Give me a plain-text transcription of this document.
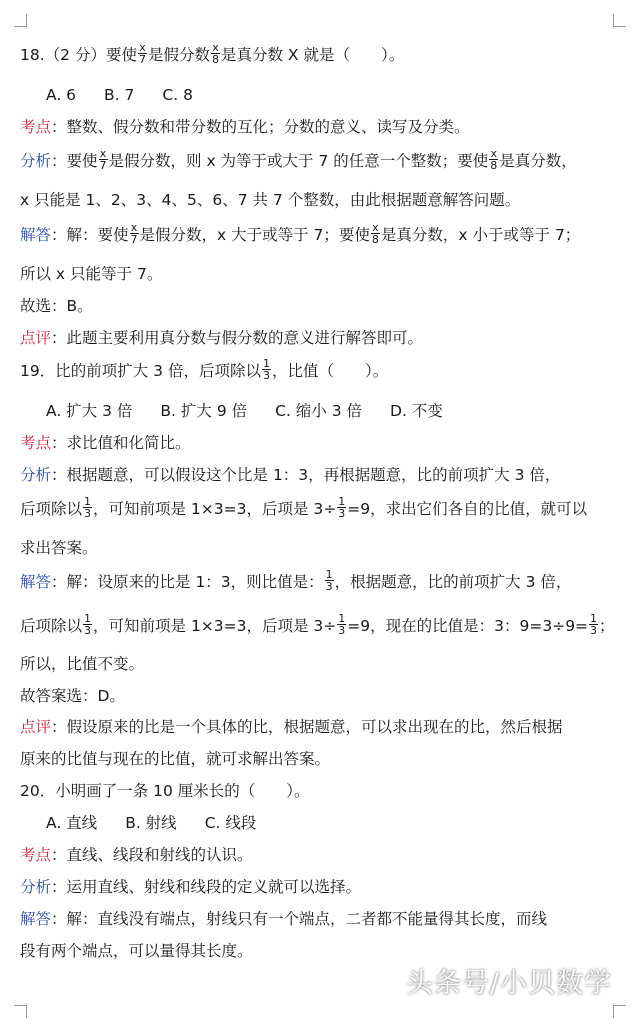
18.（2 分）要使 $\frac{x}{7}$ 是假分数 $\frac{x}{8}$ 是真分数 X 就是（　　）。
A. 6 B. 7 C. 8
考点：整数、假分数和带分数的互化；分数的意义、读写及分类。
分析：要使 $\frac{x}{7}$ 是假分数，则 x 为等于或大于 7 的任意一个整数；要使 $\frac{x}{8}$ 是真分数，
x 只能是 1、2、3、4、5、6、7 共 7 个整数，由此根据题意解答问题。
解答：解：要使 $\frac{x}{7}$ 是假分数，x 大于或等于 7；要使 $\frac{x}{8}$ 是真分数，x 小于或等于 7；
所以 x 只能等于 7。
故选：B。
点评：此题主要利用真分数与假分数的意义进行解答即可。
19．比的前项扩大 3 倍，后项除以 $\frac{1}{3}$ ，比值（　　）。
A. 扩大 3 倍 B. 扩大 9 倍 C. 缩小 3 倍 D. 不变
考点：求比值和化简比。
分析：根据题意，可以假设这个比是 1：3，再根据题意，比的前项扩大 3 倍，
后项除以 $\frac{1}{3}$ ，可知前项是 1×3=3，后项是 $3\div \frac{1}{3} =9$，求出它们各自的比值，就可以
求出答案。
解答：解：设原来的比是 1：3，则比值是： $\frac{1}{3}$ ，根据题意，比的前项扩大 3 倍，
后项除以 $\frac{1}{3}$ ，可知前项是 1×3=3，后项是 $3\div \frac{1}{3} =9$，现在的比值是：3：$9=3\div 9= \frac{1}{3}$ ；
所以，比值不变。
故答案选：D。
点评：假设原来的比是一个具体的比，根据题意，可以求出现在的比，然后根据
原来的比值与现在的比值，就可求解出答案。
20．小明画了一条 10 厘米长的（　　）。
A. 直线 B. 射线 C. 线段
考点：直线、线段和射线的认识。
分析：运用直线、射线和线段的定义就可以选择。
解答：解：直线没有端点，射线只有一个端点，二者都不能量得其长度，而线
段有两个端点，可以量得其长度。
头条号/小贝数学
